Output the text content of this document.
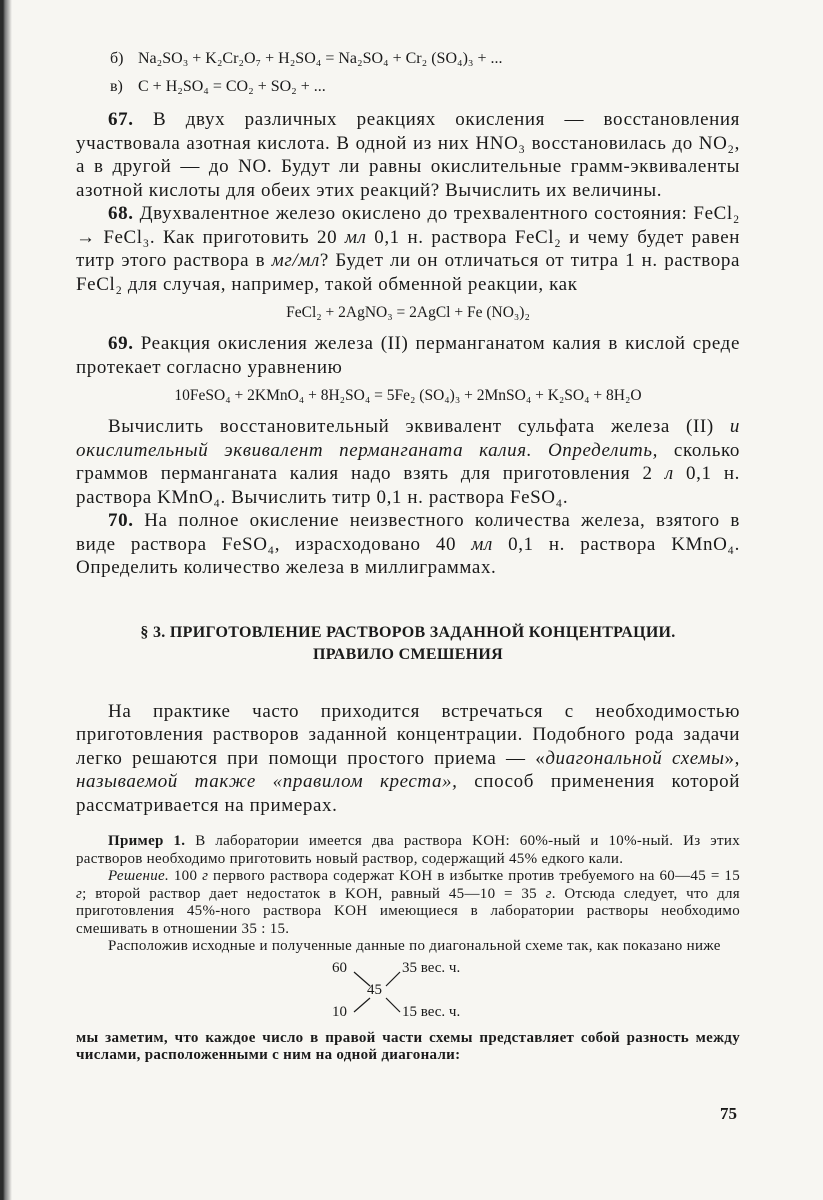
б) Na₂SO₃ + K₂Cr₂O₇ + H₂SO₄ = Na₂SO₄ + Cr₂ (SO₄)₃ + ...
в) C + H₂SO₄ = CO₂ + SO₂ + ...

67. В двух различных реакциях окисления — восстановления участвовала азотная кислота. В одной из них HNO₃ восстановилась до NO₂, а в другой — до NO. Будут ли равны окислительные грамм-эквиваленты азотной кислоты для обеих этих реакций? Вычислить их величины.

68. Двухвалентное железо окислено до трехвалентного состояния: FeCl₂ → FeCl₃. Как приготовить 20 мл 0,1 н. раствора FeCl₂ и чему будет равен титр этого раствора в мг/мл? Будет ли он отличаться от титра 1 н. раствора FeCl₂ для случая, например, такой обменной реакции, как

FeCl₂ + 2AgNO₃ = 2AgCl + Fe (NO₃)₂

69. Реакция окисления железа (II) перманганатом калия в кислой среде протекает согласно уравнению

10FeSO₄ + 2KMnO₄ + 8H₂SO₄ = 5Fe₂ (SO₄)₃ + 2MnSO₄ + K₂SO₄ + 8H₂O

Вычислить восстановительный эквивалент сульфата железа (II) и окислительный эквивалент перманганата калия. Определить, сколько граммов перманганата калия надо взять для приготовления 2 л 0,1 н. раствора KMnO₄. Вычислить титр 0,1 н. раствора FeSO₄.

70. На полное окисление неизвестного количества железа, взятого в виде раствора FeSO₄, израсходовано 40 мл 0,1 н. раствора KMnO₄. Определить количество железа в миллиграммах.

§ 3. ПРИГОТОВЛЕНИЕ РАСТВОРОВ ЗАДАННОЙ КОНЦЕНТРАЦИИ.
ПРАВИЛО СМЕШЕНИЯ

На практике часто приходится встречаться с необходимостью приготовления растворов заданной концентрации. Подобного рода задачи легко решаются при помощи простого приема — «диагональной схемы», называемой также «правилом креста», способ применения которой рассматривается на примерах.

Пример 1. В лаборатории имеется два раствора KOH: 60%-ный и 10%-ный. Из этих растворов необходимо приготовить новый раствор, содержащий 45% едкого кали.

Решение. 100 г первого раствора содержат KOH в избытке против требуемого на 60—45 = 15 г; второй раствор дает недостаток в KOH, равный 45—10 = 35 г. Отсюда следует, что для приготовления 45%-ного раствора KOH имеющиеся в лаборатории растворы необходимо смешивать в отношении 35 : 15.

Расположив исходные и полученные данные по диагональной схеме так, как показано ниже

60
10
45
35 вес. ч.
15 вес. ч.

мы заметим, что каждое число в правой части схемы представляет собой разность между числами, расположенными с ним на одной диагонали:

75
